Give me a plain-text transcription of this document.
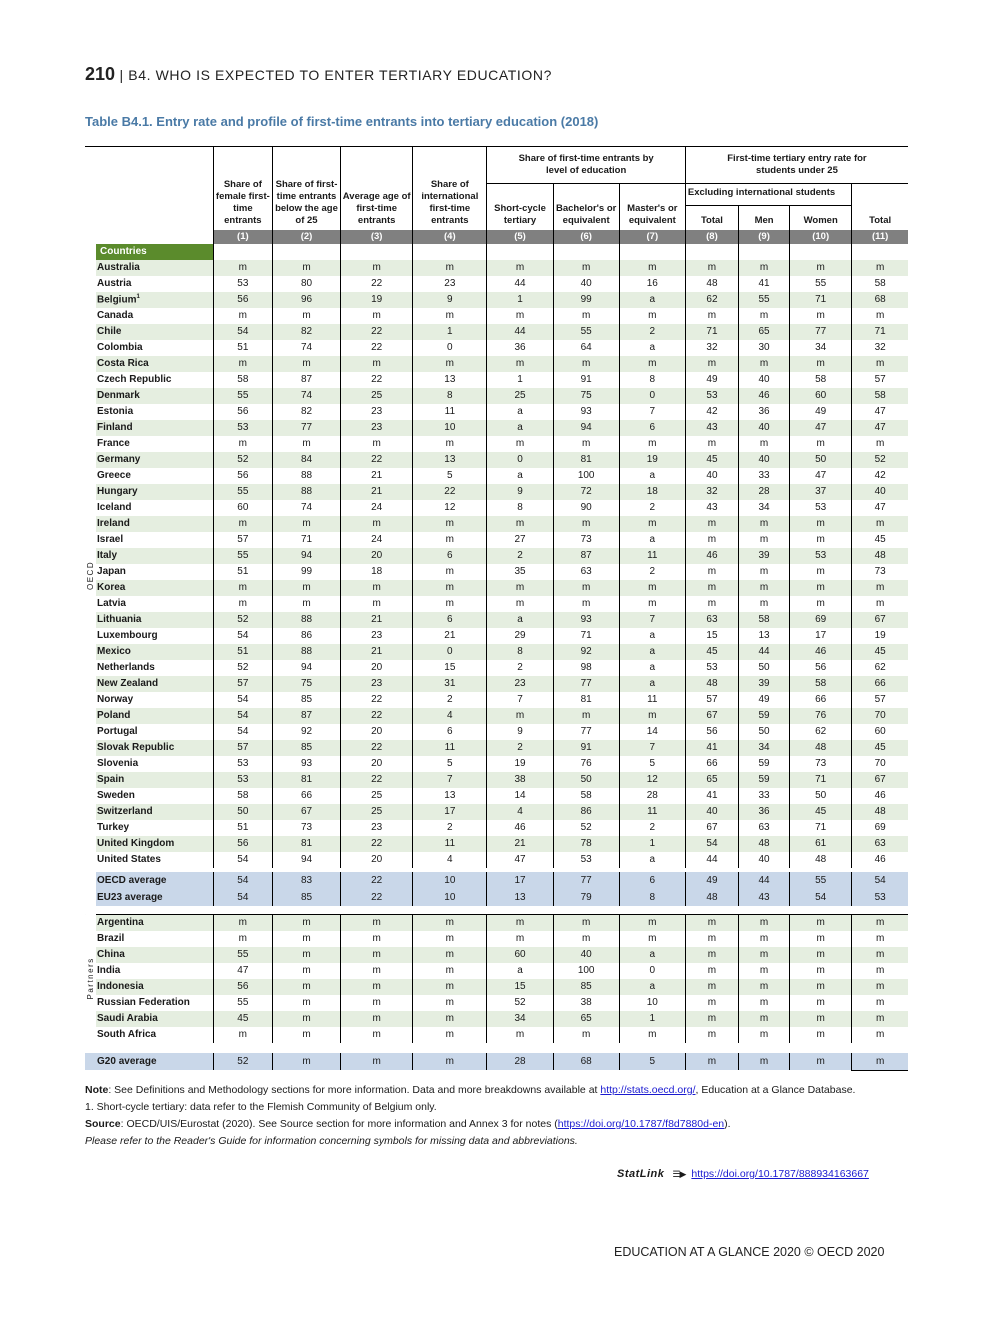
210 | B4. WHO IS EXPECTED TO ENTER TERTIARY EDUCATION?
Table B4.1. Entry rate and profile of first-time entrants into tertiary education (2018)
		Share of female first-time entrants	Share of first-time entrants below the age of 25	Average age of first-time entrants	Share of international first-time entrants	Share of first-time entrants by level of education			First-time tertiary entry rate for students under 25			
						Short-cycle tertiary	Bachelor's or equivalent	Master's or equivalent	Excluding international students			Total
									Total	Men	Women	
		(1)	(2)	(3)	(4)	(5)	(6)	(7)	(8)	(9)	(10)	(11)
OECD	Countries											
	Australia	m	m	m	m	m	m	m	m	m	m	m
	Austria	53	80	22	23	44	40	16	48	41	55	58
	Belgium$^1$	56	96	19	9	1	99	a	62	55	71	68
	Canada	m	m	m	m	m	m	m	m	m	m	m
	Chile	54	82	22	1	44	55	2	71	65	77	71
	Colombia	51	74	22	0	36	64	a	32	30	34	32
	Costa Rica	m	m	m	m	m	m	m	m	m	m	m
	Czech Republic	58	87	22	13	1	91	8	49	40	58	57
	Denmark	55	74	25	8	25	75	0	53	46	60	58
	Estonia	56	82	23	11	a	93	7	42	36	49	47
	Finland	53	77	23	10	a	94	6	43	40	47	47
	France	m	m	m	m	m	m	m	m	m	m	m
	Germany	52	84	22	13	0	81	19	45	40	50	52
	Greece	56	88	21	5	a	100	a	40	33	47	42
	Hungary	55	88	21	22	9	72	18	32	28	37	40
	Iceland	60	74	24	12	8	90	2	43	34	53	47
	Ireland	m	m	m	m	m	m	m	m	m	m	m
	Israel	57	71	24	m	27	73	a	m	m	m	45
	Italy	55	94	20	6	2	87	11	46	39	53	48
	Japan	51	99	18	m	35	63	2	m	m	m	73
	Korea	m	m	m	m	m	m	m	m	m	m	m
	Latvia	m	m	m	m	m	m	m	m	m	m	m
	Lithuania	52	88	21	6	a	93	7	63	58	69	67
	Luxembourg	54	86	23	21	29	71	a	15	13	17	19
	Mexico	51	88	21	0	8	92	a	45	44	46	45
	Netherlands	52	94	20	15	2	98	a	53	50	56	62
	New Zealand	57	75	23	31	23	77	a	48	39	58	66
	Norway	54	85	22	2	7	81	11	57	49	66	57
	Poland	54	87	22	4	m	m	m	67	59	76	70
	Portugal	54	92	20	6	9	77	14	56	50	62	60
	Slovak Republic	57	85	22	11	2	91	7	41	34	48	45
	Slovenia	53	93	20	5	19	76	5	66	59	73	70
	Spain	53	81	22	7	38	50	12	65	59	71	67
	Sweden	58	66	25	13	14	58	28	41	33	50	46
	Switzerland	50	67	25	17	4	86	11	40	36	45	48
	Turkey	51	73	23	2	46	52	2	67	63	71	69
	United Kingdom	56	81	22	11	21	78	1	54	48	61	63
	United States	54	94	20	4	47	53	a	44	40	48	46

	OECD average	54	83	22	10	17	77	6	49	44	55	54
	EU23 average	54	85	22	10	13	79	8	48	43	54	53

Partners	Argentina	m	m	m	m	m	m	m	m	m	m	m
	Brazil	m	m	m	m	m	m	m	m	m	m	m
	China	55	m	m	m	60	40	a	m	m	m	m
	India	47	m	m	m	a	100	0	m	m	m	m
	Indonesia	56	m	m	m	15	85	a	m	m	m	m
	Russian Federation	55	m	m	m	52	38	10	m	m	m	m
	Saudi Arabia	45	m	m	m	34	65	1	m	m	m	m
	South Africa	m	m	m	m	m	m	m	m	m	m	m

	G20 average	52	m	m	m	28	68	5	m	m	m	m
Note: See Definitions and Methodology sections for more information. Data and more breakdowns available at http://stats.oecd.org/, Education at a Glance Database.
1. Short-cycle tertiary: data refer to the Flemish Community of Belgium only.
Source: OECD/UIS/Eurostat (2020). See Source section for more information and Annex 3 for notes (https://doi.org/10.1787/f8d7880d-en).
Please refer to the Reader's Guide for information concerning symbols for missing data and abbreviations.
StatLink ☰▶ https://doi.org/10.1787/888934163667
EDUCATION AT A GLANCE 2020 © OECD 2020
